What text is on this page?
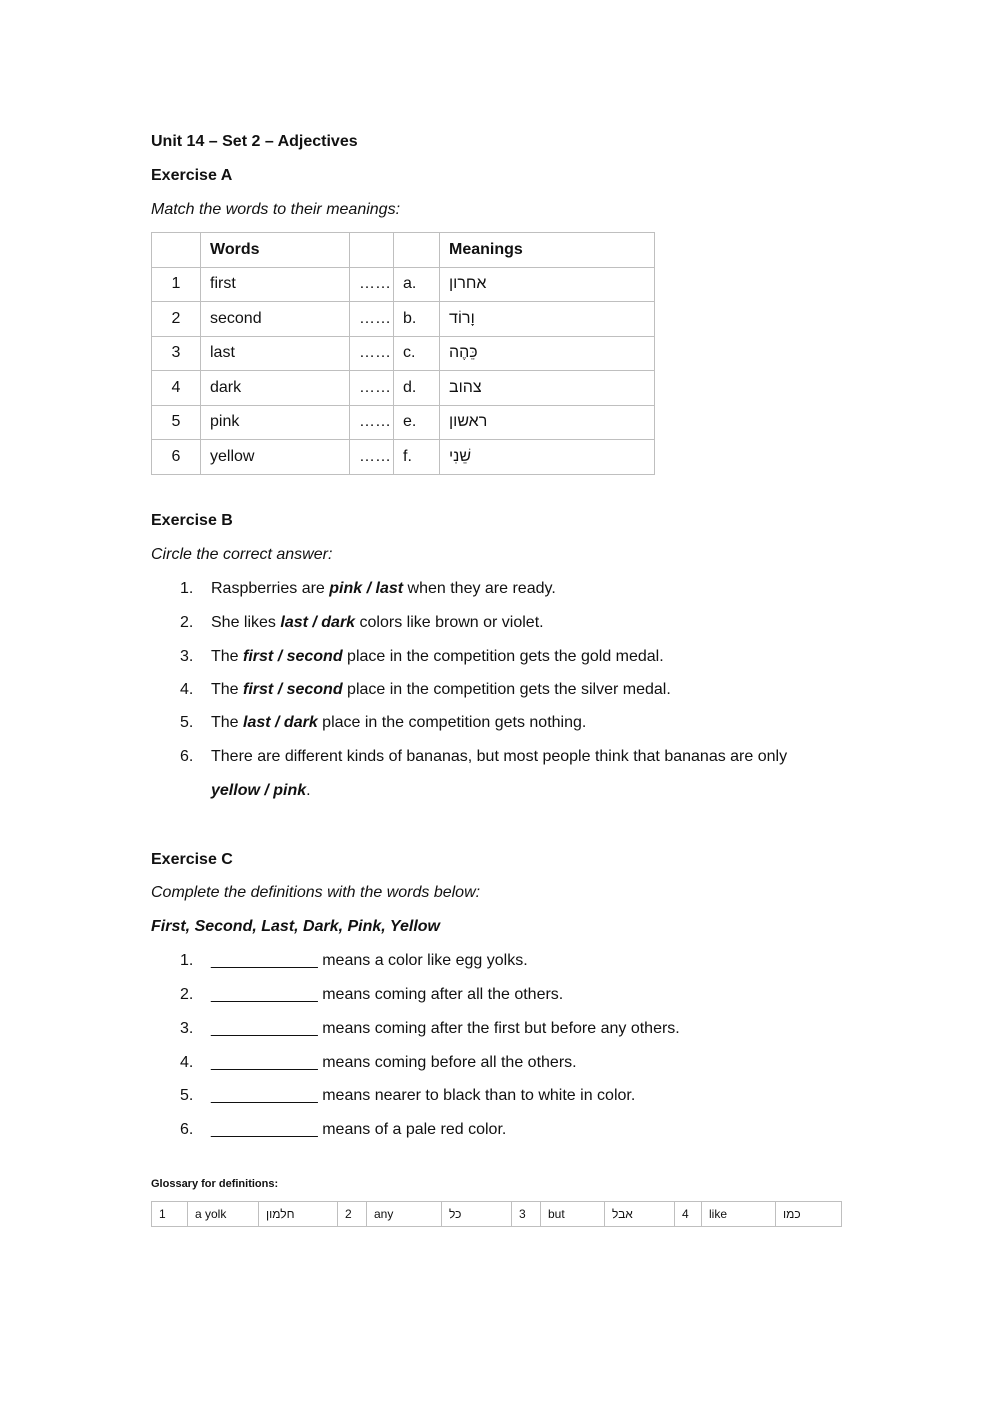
Unit 14 – Set 2 – Adjectives
Exercise A
Match the words to their meanings:
	Words			Meanings
1	first	……	a.	אחרון
2	second	……	b.	וָרוֹד
3	last	……	c.	כֵּהֶה
4	dark	……	d.	צהוב
5	pink	……	e.	ראשון
6	yellow	……	f.	שֵׁנִי
Exercise B
Circle the correct answer:
1.	Raspberries are pink / last when they are ready.
2.	She likes last / dark colors like brown or violet.
3.	The first / second place in the competition gets the gold medal.
4.	The first / second place in the competition gets the silver medal.
5.	The last / dark place in the competition gets nothing.
6.	There are different kinds of bananas, but most people think that bananas are only
yellow / pink.
Exercise C
Complete the definitions with the words below:
First, Second, Last, Dark, Pink, Yellow
1.	____________ means a color like egg yolks.
2.	____________ means coming after all the others.
3.	____________ means coming after the first but before any others.
4.	____________ means coming before all the others.
5.	____________ means nearer to black than to white in color.
6.	____________ means of a pale red color.
Glossary for definitions:
1	a yolk	חלמון	2	any	כל	3	but	אבל	4	like	כמו
